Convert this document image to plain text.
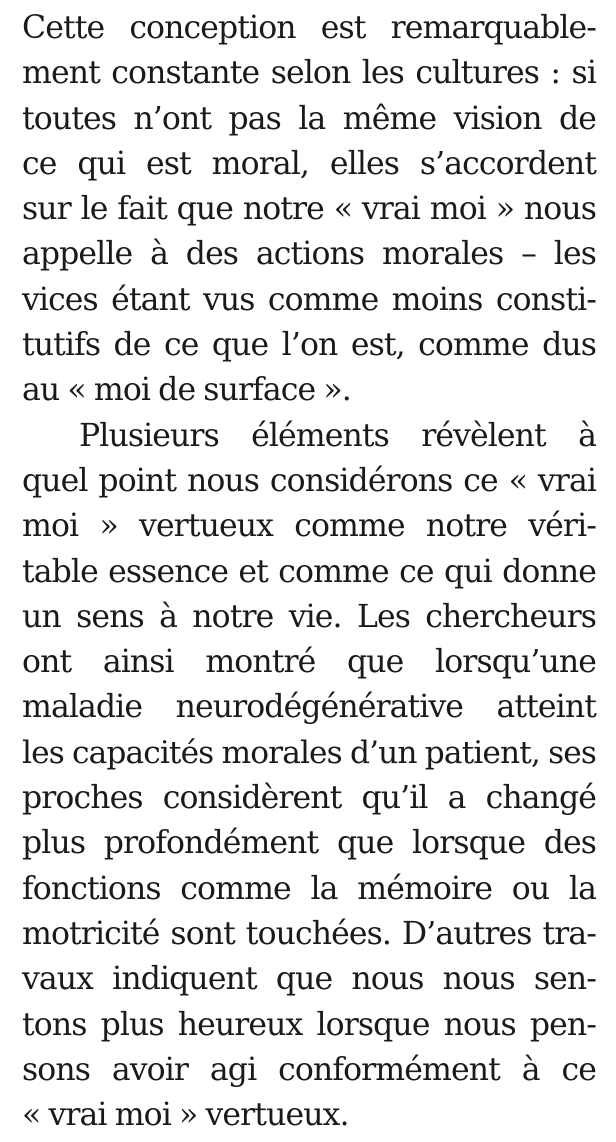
Cette conception est remarquable-
ment constante selon les cultures : si
toutes n’ont pas la même vision de
ce qui est moral, elles s’accordent
sur le fait que notre « vrai moi » nous
appelle à des actions morales – les
vices étant vus comme moins consti-
tutifs de ce que l’on est, comme dus
au « moi de surface ».
Plusieurs éléments révèlent à
quel point nous considérons ce « vrai
moi » vertueux comme notre véri-
table essence et comme ce qui donne
un sens à notre vie. Les chercheurs
ont ainsi montré que lorsqu’une
maladie neurodégénérative atteint
les capacités morales d’un patient, ses
proches considèrent qu’il a changé
plus profondément que lorsque des
fonctions comme la mémoire ou la
motricité sont touchées. D’autres tra-
vaux indiquent que nous nous sen-
tons plus heureux lorsque nous pen-
sons avoir agi conformément à ce
« vrai moi » vertueux.
